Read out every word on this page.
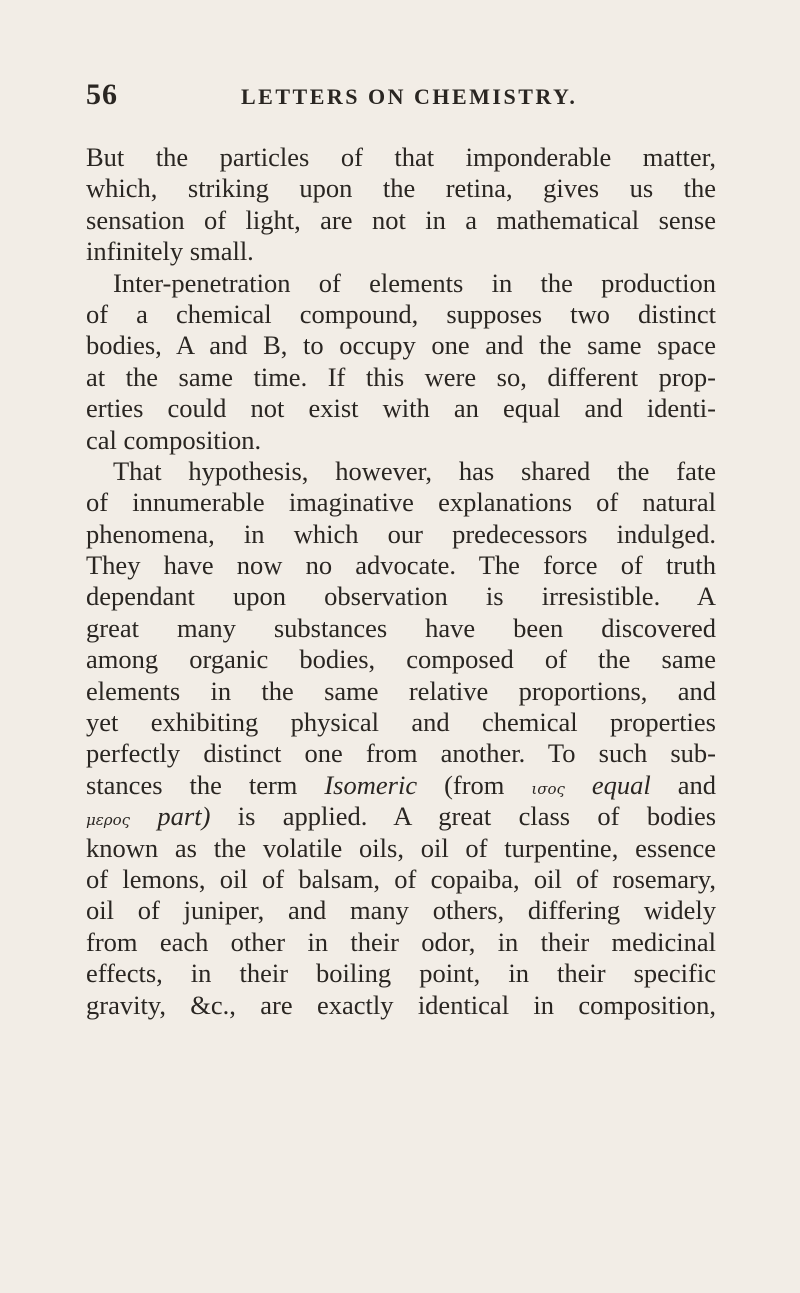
56	LETTERS ON CHEMISTRY.
But the particles of that imponderable matter,
which, striking upon the retina, gives us the
sensation of light, are not in a mathematical sense
infinitely small.
Inter-penetration of elements in the production
of a chemical compound, supposes two distinct
bodies, A and B, to occupy one and the same space
at the same time. If this were so, different prop-
erties could not exist with an equal and identi-
cal composition.
That hypothesis, however, has shared the fate
of innumerable imaginative explanations of natural
phenomena, in which our predecessors indulged.
They have now no advocate. The force of truth
dependant upon observation is irresistible. A
great many substances have been discovered
among organic bodies, composed of the same
elements in the same relative proportions, and
yet exhibiting physical and chemical properties
perfectly distinct one from another. To such sub-
stances the term Isomeric (from ισος equal and
μερος part) is applied. A great class of bodies
known as the volatile oils, oil of turpentine, essence
of lemons, oil of balsam, of copaiba, oil of rosemary,
oil of juniper, and many others, differing widely
from each other in their odor, in their medicinal
effects, in their boiling point, in their specific
gravity, &c., are exactly identical in composition,
